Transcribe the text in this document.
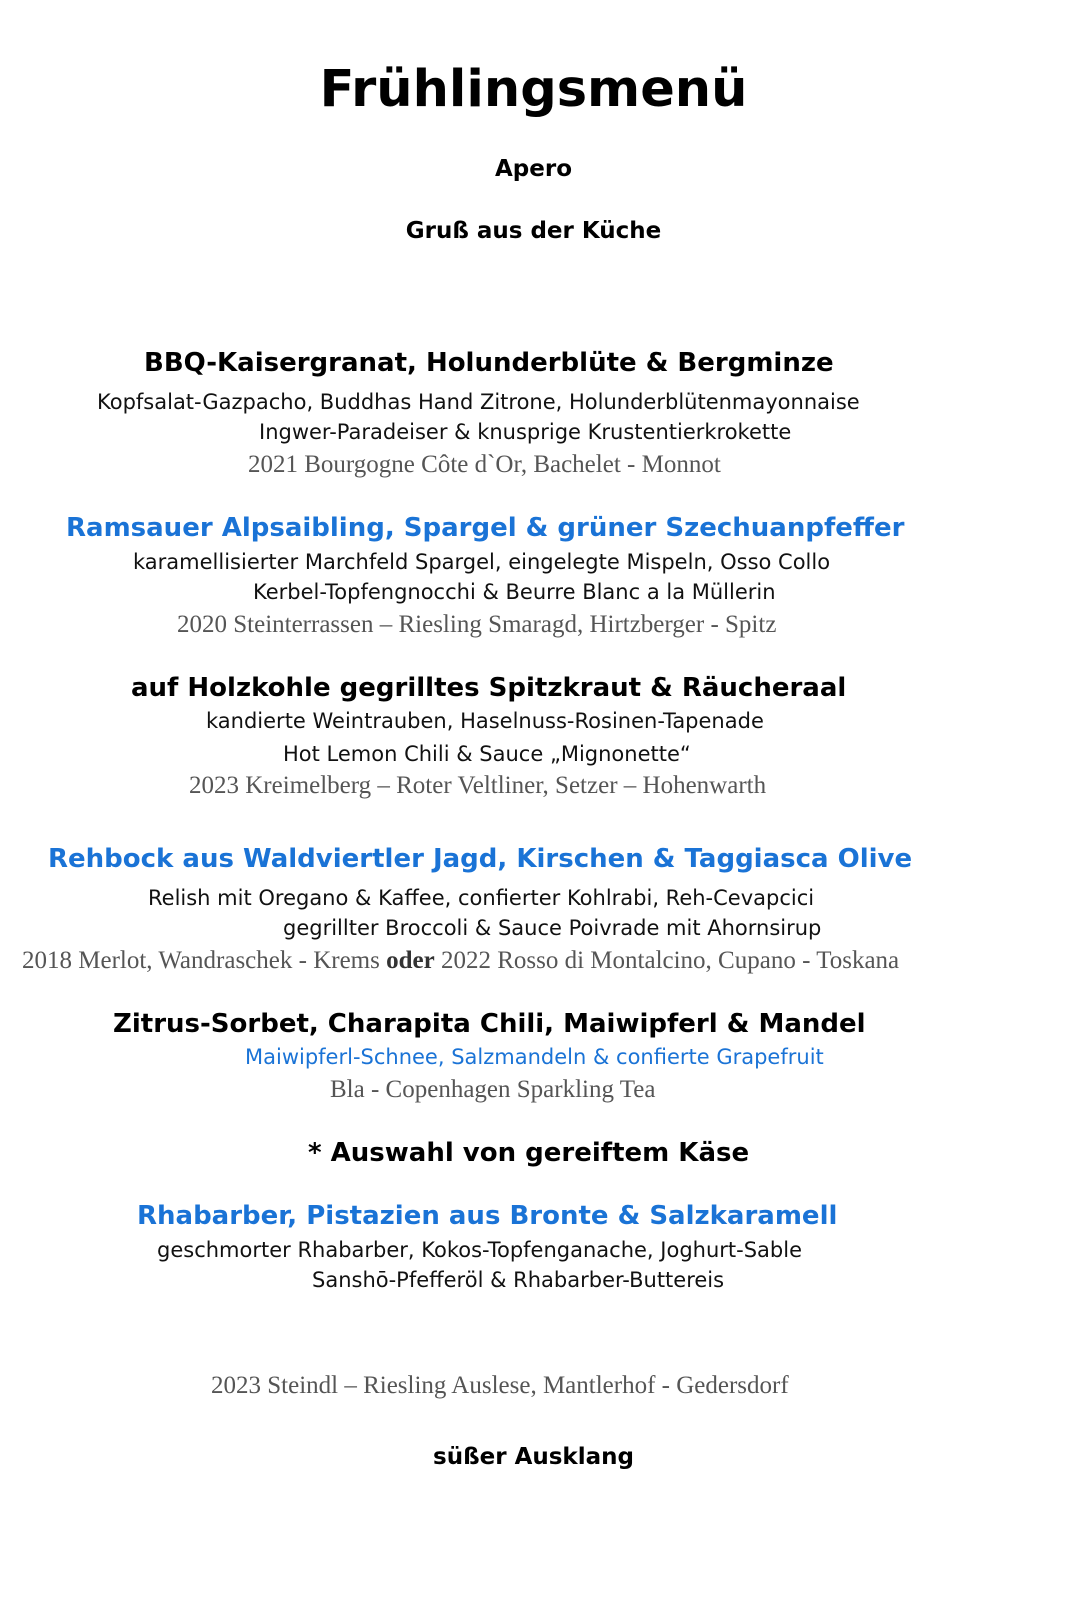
Frühlingsmenü
Apero
Gruß aus der Küche
BBQ-Kaisergranat, Holunderblüte & Bergminze
Kopfsalat-Gazpacho, Buddhas Hand Zitrone, Holunderblütenmayonnaise
Ingwer-Paradeiser & knusprige Krustentierkrokette
2021 Bourgogne Côte d`Or, Bachelet - Monnot
Ramsauer Alpsaibling, Spargel & grüner Szechuanpfeffer
karamellisierter Marchfeld Spargel, eingelegte Mispeln, Osso Collo
Kerbel-Topfengnocchi & Beurre Blanc a la Müllerin
2020 Steinterrassen – Riesling Smaragd, Hirtzberger - Spitz
auf Holzkohle gegrilltes Spitzkraut & Räucheraal
kandierte Weintrauben, Haselnuss-Rosinen-Tapenade
Hot Lemon Chili & Sauce „Mignonette“
2023 Kreimelberg – Roter Veltliner, Setzer – Hohenwarth
Rehbock aus Waldviertler Jagd, Kirschen & Taggiasca Olive
Relish mit Oregano & Kaffee, confierter Kohlrabi, Reh-Cevapcici
gegrillter Broccoli & Sauce Poivrade mit Ahornsirup
2018 Merlot, Wandraschek - Krems oder 2022 Rosso di Montalcino, Cupano - Toskana
Zitrus-Sorbet, Charapita Chili, Maiwipferl & Mandel
Maiwipferl-Schnee, Salzmandeln & confierte Grapefruit
Bla - Copenhagen Sparkling Tea
* Auswahl von gereiftem Käse
Rhabarber, Pistazien aus Bronte & Salzkaramell
geschmorter Rhabarber, Kokos-Topfenganache, Joghurt-Sable
Sanshō-Pfefferöl & Rhabarber-Buttereis
2023 Steindl – Riesling Auslese, Mantlerhof - Gedersdorf
süßer Ausklang
